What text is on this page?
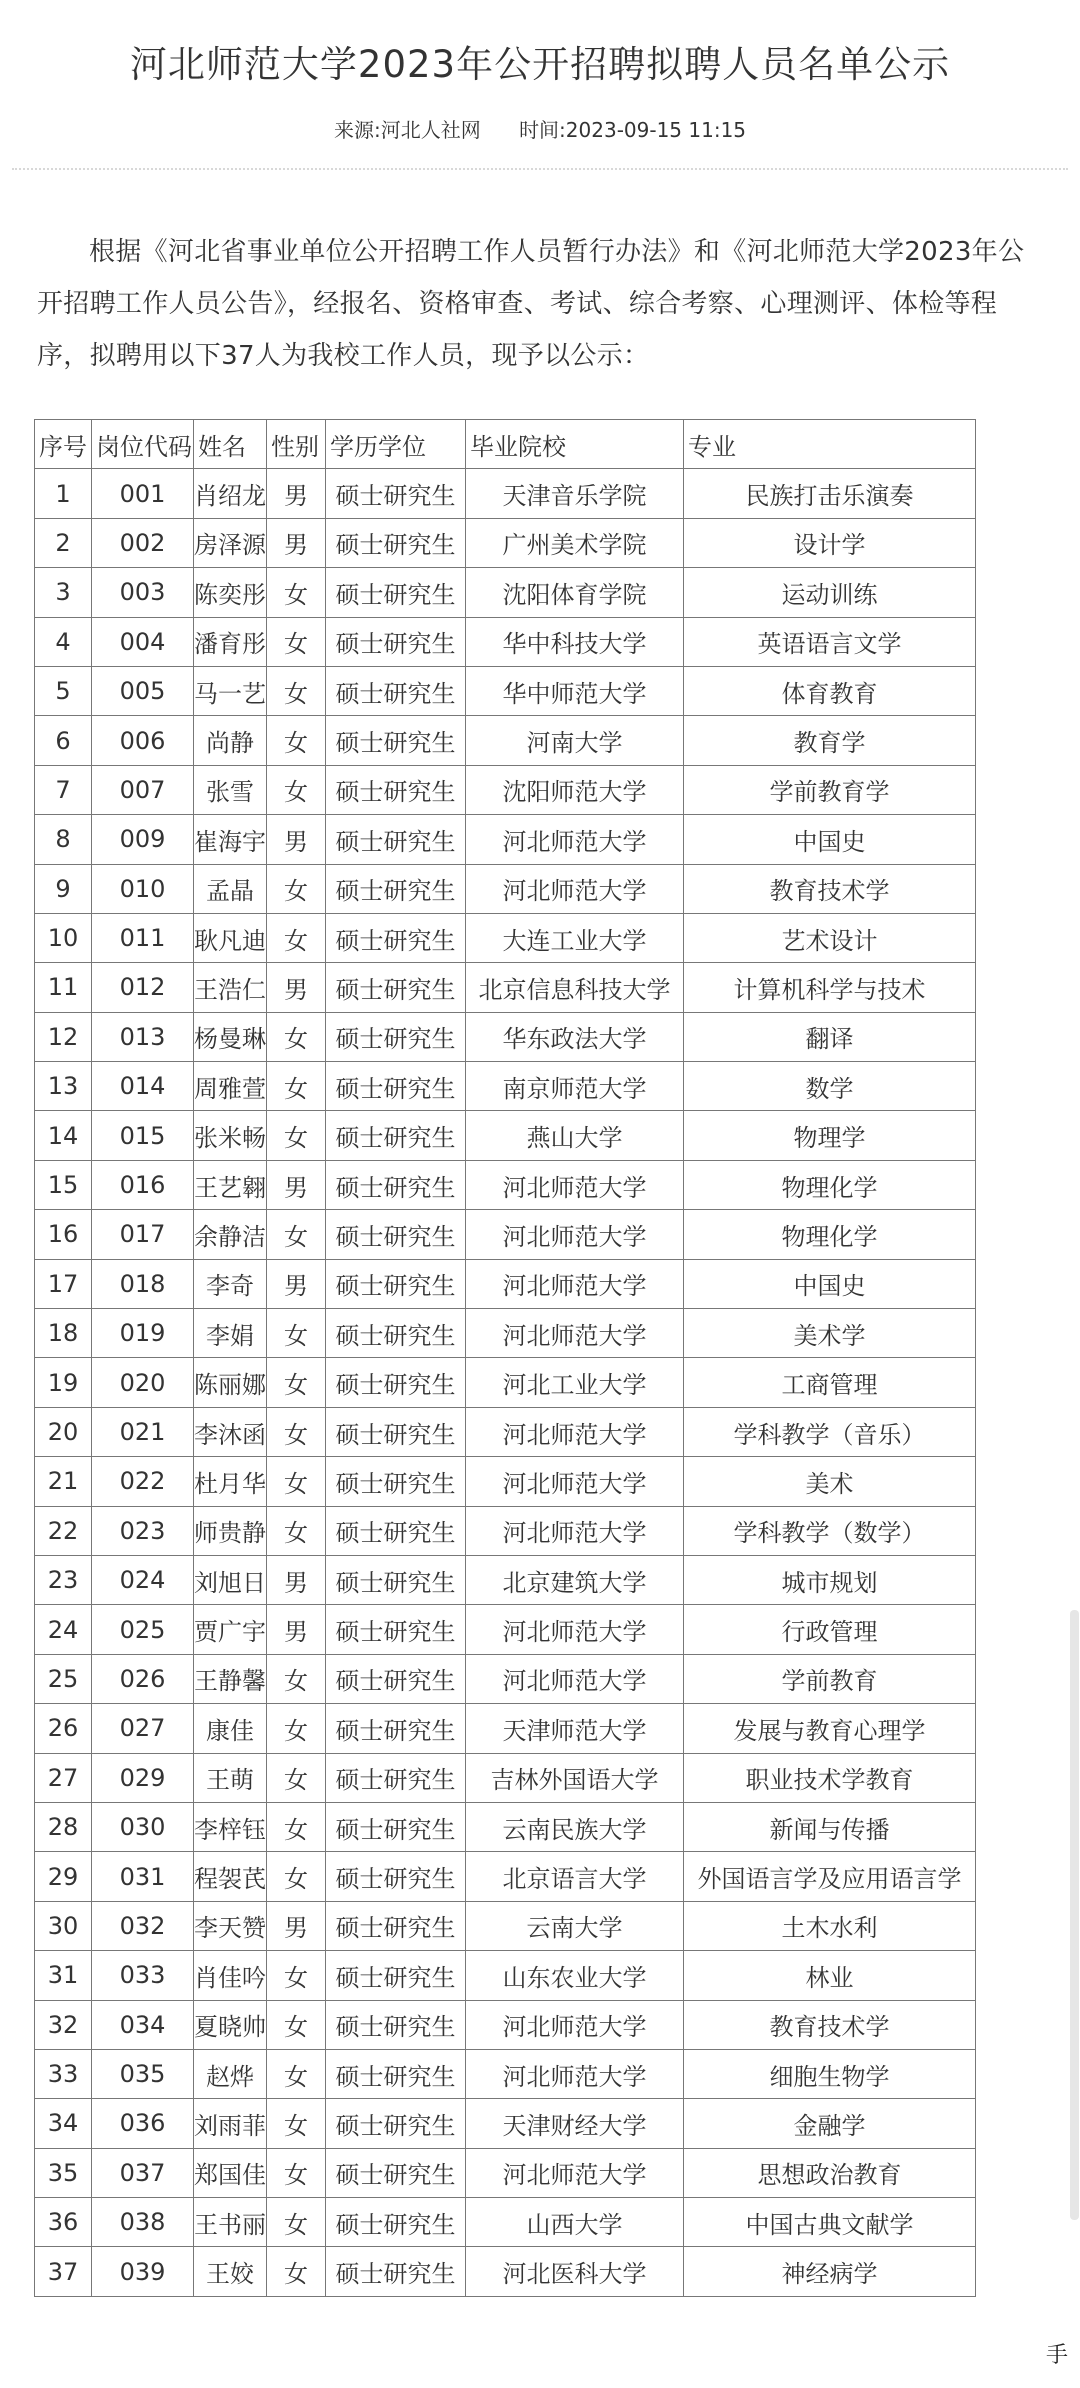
河北师范大学2023年公开招聘拟聘人员名单公示
来源:河北人社网 时间:2023-09-15 11:15

根据《河北省事业单位公开招聘工作人员暂行办法》和《河北师范大学2023年公开招聘工作人员公告》，经报名、资格审查、考试、综合考察、心理测评、体检等程序，拟聘用以下37人为我校工作人员，现予以公示：

序号	岗位代码	姓名	性别	学历学位	毕业院校	专业
1	001	肖绍龙	男	硕士研究生	天津音乐学院	民族打击乐演奏
2	002	房泽源	男	硕士研究生	广州美术学院	设计学
3	003	陈奕彤	女	硕士研究生	沈阳体育学院	运动训练
4	004	潘育彤	女	硕士研究生	华中科技大学	英语语言文学
5	005	马一艺	女	硕士研究生	华中师范大学	体育教育
6	006	尚静	女	硕士研究生	河南大学	教育学
7	007	张雪	女	硕士研究生	沈阳师范大学	学前教育学
8	009	崔海宇	男	硕士研究生	河北师范大学	中国史
9	010	孟晶	女	硕士研究生	河北师范大学	教育技术学
10	011	耿凡迪	女	硕士研究生	大连工业大学	艺术设计
11	012	王浩仁	男	硕士研究生	北京信息科技大学	计算机科学与技术
12	013	杨曼琳	女	硕士研究生	华东政法大学	翻译
13	014	周雅萱	女	硕士研究生	南京师范大学	数学
14	015	张米畅	女	硕士研究生	燕山大学	物理学
15	016	王艺翱	男	硕士研究生	河北师范大学	物理化学
16	017	余静洁	女	硕士研究生	河北师范大学	物理化学
17	018	李奇	男	硕士研究生	河北师范大学	中国史
18	019	李娟	女	硕士研究生	河北师范大学	美术学
19	020	陈丽娜	女	硕士研究生	河北工业大学	工商管理
20	021	李沐函	女	硕士研究生	河北师范大学	学科教学（音乐）
21	022	杜月华	女	硕士研究生	河北师范大学	美术
22	023	师贵静	女	硕士研究生	河北师范大学	学科教学（数学）
23	024	刘旭日	男	硕士研究生	北京建筑大学	城市规划
24	025	贾广宇	男	硕士研究生	河北师范大学	行政管理
25	026	王静馨	女	硕士研究生	河北师范大学	学前教育
26	027	康佳	女	硕士研究生	天津师范大学	发展与教育心理学
27	029	王萌	女	硕士研究生	吉林外国语大学	职业技术学教育
28	030	李梓钰	女	硕士研究生	云南民族大学	新闻与传播
29	031	程袈芪	女	硕士研究生	北京语言大学	外国语言学及应用语言学
30	032	李天赞	男	硕士研究生	云南大学	土木水利
31	033	肖佳吟	女	硕士研究生	山东农业大学	林业
32	034	夏晓帅	女	硕士研究生	河北师范大学	教育技术学
33	035	赵烨	女	硕士研究生	河北师范大学	细胞生物学
34	036	刘雨菲	女	硕士研究生	天津财经大学	金融学
35	037	郑国佳	女	硕士研究生	河北师范大学	思想政治教育
36	038	王书丽	女	硕士研究生	山西大学	中国古典文献学
37	039	王姣	女	硕士研究生	河北医科大学	神经病学
手
